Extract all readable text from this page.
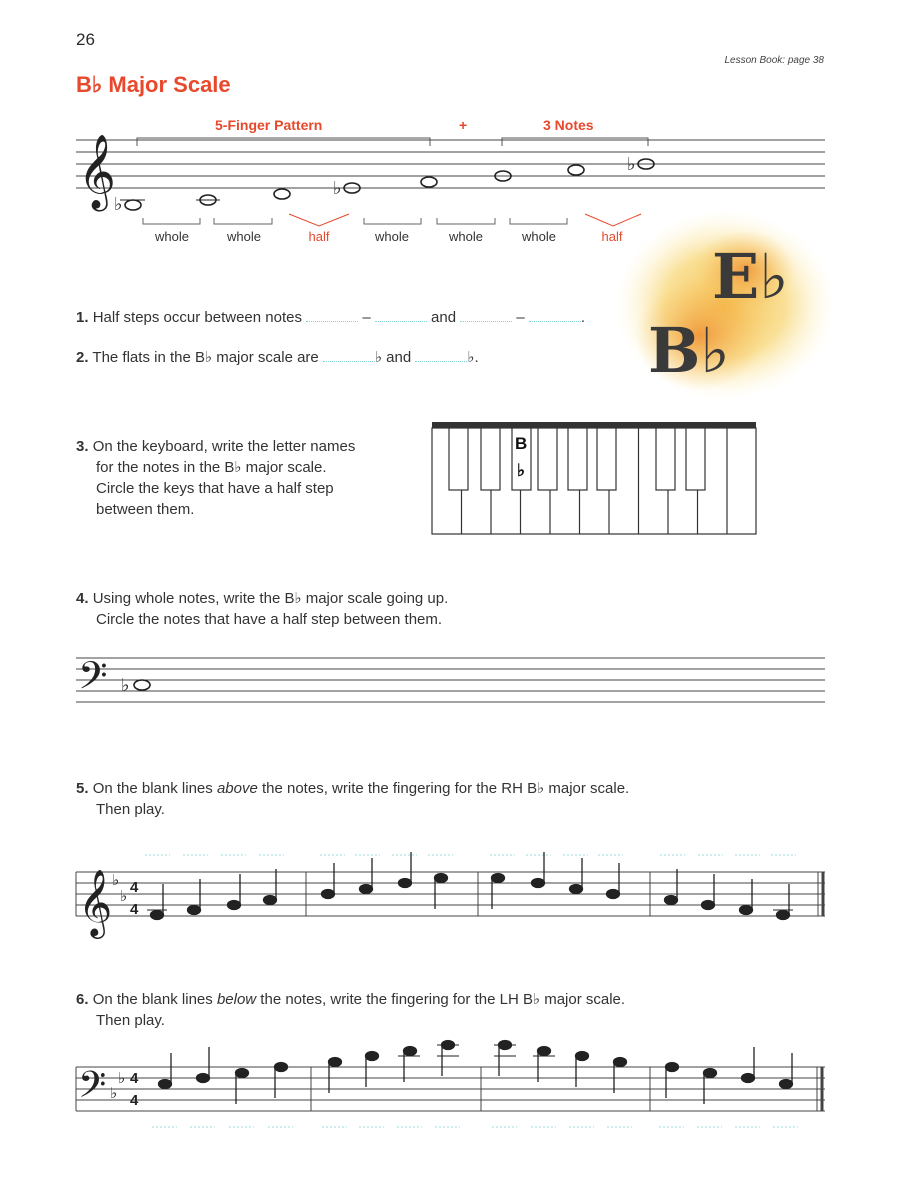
26
Lesson Book: page 38
B♭ Major Scale
5-Finger Pattern	+	3 Notes
whole	whole	half	whole	whole	whole	half
E♭
B♭
𝄞
♭
♭
♭
B
♭
𝄢 ♭
𝄞 ♭
♭ 4
4
𝄢 ♭
♭ 4
4
1. Half steps occur between notes	–	and	–	.
2. The flats in the B♭ major scale are	♭ and	♭.
3. On the keyboard, write the letter names
for the notes in the B♭ major scale.
Circle the keys that have a half step
between them.
4. Using whole notes, write the B♭ major scale going up.
Circle the notes that have a half step between them.
5. On the blank lines above the notes, write the fingering for the RH B♭ major scale.
Then play.
6. On the blank lines below the notes, write the fingering for the LH B♭ major scale.
Then play.
